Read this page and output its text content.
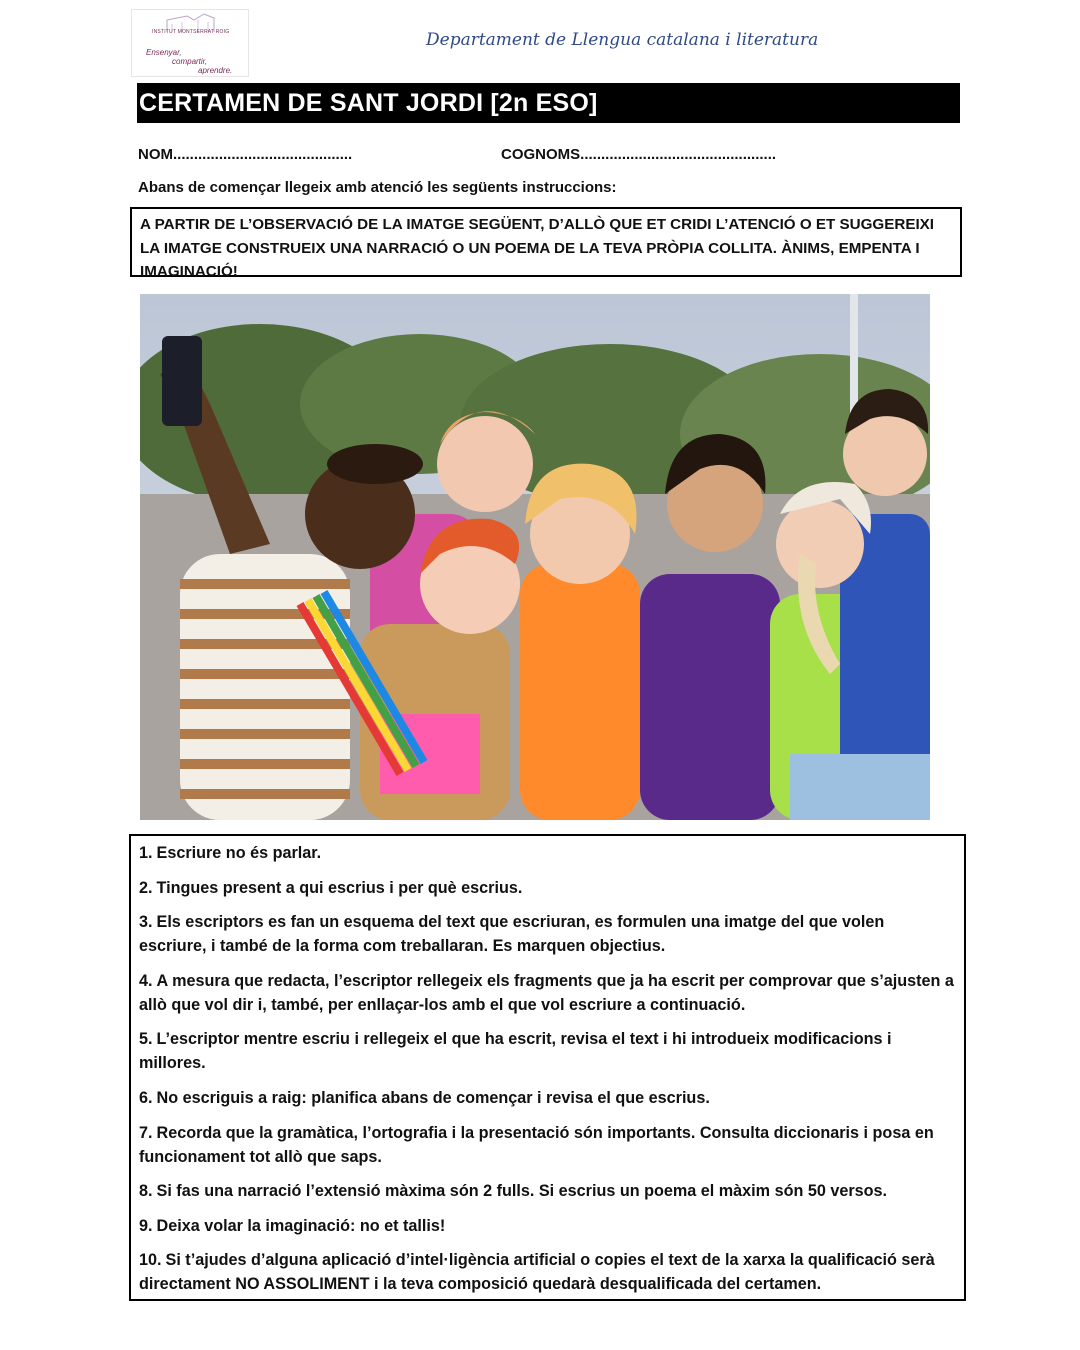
INSTITUT MONTSERRAT ROIG
Ensenyar,
compartir,
aprendre.
Departament de Llengua catalana i literatura
CERTAMEN DE SANT JORDI [2n ESO]
NOM...........................................	COGNOMS...............................................
Abans de començar llegeix amb atenció les següents instruccions:
A PARTIR DE L’OBSERVACIÓ DE LA IMATGE SEGÜENT, D’ALLÒ QUE ET CRIDI L’ATENCIÓ O ET SUGGEREIXI LA IMATGE CONSTRUEIX UNA NARRACIÓ O UN POEMA DE LA TEVA PRÒPIA COLLITA. ÀNIMS, EMPENTA I IMAGINACIÓ!
1. Escriure no és parlar.
2. Tingues present a qui escrius i per què escrius.
3. Els escriptors es fan un esquema del text que escriuran, es formulen una imatge del que volen escriure, i també de la forma com treballaran. Es marquen objectius.
4. A mesura que redacta, l’escriptor rellegeix els fragments que ja ha escrit per comprovar que s’ajusten a allò que vol dir i, també, per enllaçar-los amb el que vol escriure a continuació.
5. L’escriptor mentre escriu i rellegeix el que ha escrit, revisa el text i hi introdueix modificacions i millores.
6. No escriguis a raig: planifica abans de començar i revisa el que escrius.
7. Recorda que la gramàtica, l’ortografia i la presentació són importants. Consulta diccionaris i posa en funcionament tot allò que saps.
8. Si fas una narració l’extensió màxima són 2 fulls. Si escrius un poema el màxim són 50 versos.
9. Deixa volar la imaginació: no et tallis!
10. Si t’ajudes d’alguna aplicació d’intel·ligència artificial o copies el text de la xarxa la qualificació serà directament NO ASSOLIMENT i la teva composició quedarà desqualificada del certamen.
